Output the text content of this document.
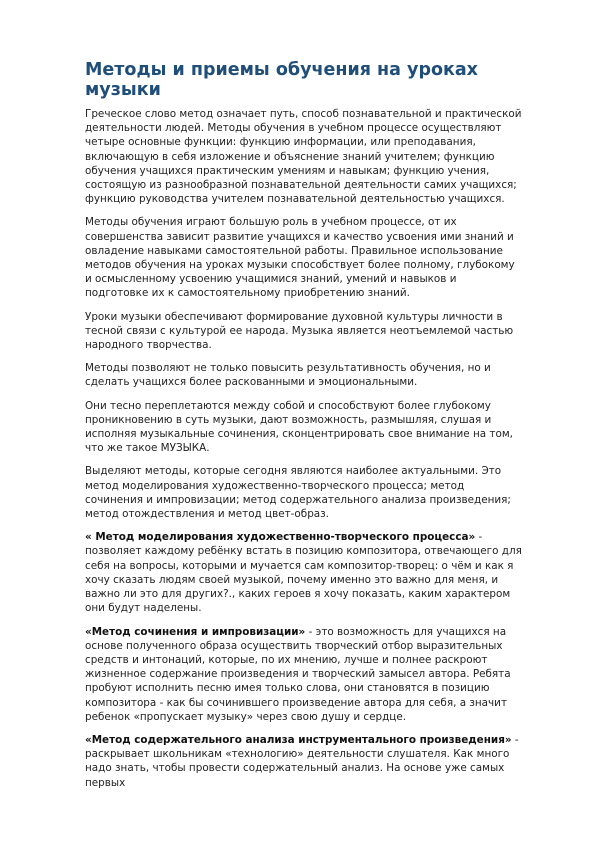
Методы и приемы обучения на уроках музыки

Греческое слово метод означает путь, способ познавательной и практической деятельности людей. Методы обучения в учебном процессе осуществляют четыре основные функции: функцию информации, или преподавания, включающую в себя изложение и объяснение знаний учителем; функцию обучения учащихся практическим умениям и навыкам; функцию учения, состоящую из разнообразной познавательной деятельности самих учащихся; функцию руководства учителем познавательной деятельностью учащихся.

Методы обучения играют большую роль в учебном процессе, от их совершенства зависит развитие учащихся и качество усвоения ими знаний и овладение навыками самостоятельной работы. Правильное использование методов обучения на уроках музыки способствует более полному, глубокому и осмысленному усвоению учащимися знаний, умений и навыков и подготовке их к самостоятельному приобретению знаний.

Уроки музыки обеспечивают формирование духовной культуры личности в тесной связи с культурой ее народа. Музыка является неотъемлемой частью народного творчества.

Методы позволяют не только повысить результативность обучения, но и сделать учащихся более раскованными и эмоциональными.

Они тесно переплетаются между собой и способствуют более глубокому проникновению в суть музыки, дают возможность, размышляя, слушая и исполняя музыкальные сочинения, сконцентрировать свое внимание на том, что же такое МУЗЫКА.

Выделяют методы, которые сегодня являются наиболее актуальными. Это метод моделирования художественно-творческого процесса; метод сочинения и импровизации; метод содержательного анализа произведения; метод отождествления и метод цвет-образ.

« Метод моделирования художественно-творческого процесса» - позволяет каждому ребёнку встать в позицию композитора, отвечающего для себя на вопросы, которыми и мучается сам композитор-творец: о чём и как я хочу сказать людям своей музыкой, почему именно это важно для меня, и важно ли это для других?., каких героев я хочу показать, каким характером они будут наделены.

«Метод сочинения и импровизации» - это возможность для учащихся на основе полученного образа осуществить творческий отбор выразительных средств и интонаций, которые, по их мнению, лучше и полнее раскроют жизненное содержание произведения и творческий замысел автора. Ребята пробуют исполнить песню имея только слова, они становятся в позицию композитора - как бы сочинившего произведение автора для себя, а значит ребенок «пропускает музыку» через свою душу и сердце.

«Метод содержательного анализа инструментального произведения» - раскрывает школьникам «технологию» деятельности слушателя. Как много надо знать, чтобы провести содержательный анализ. На основе уже самых первых
